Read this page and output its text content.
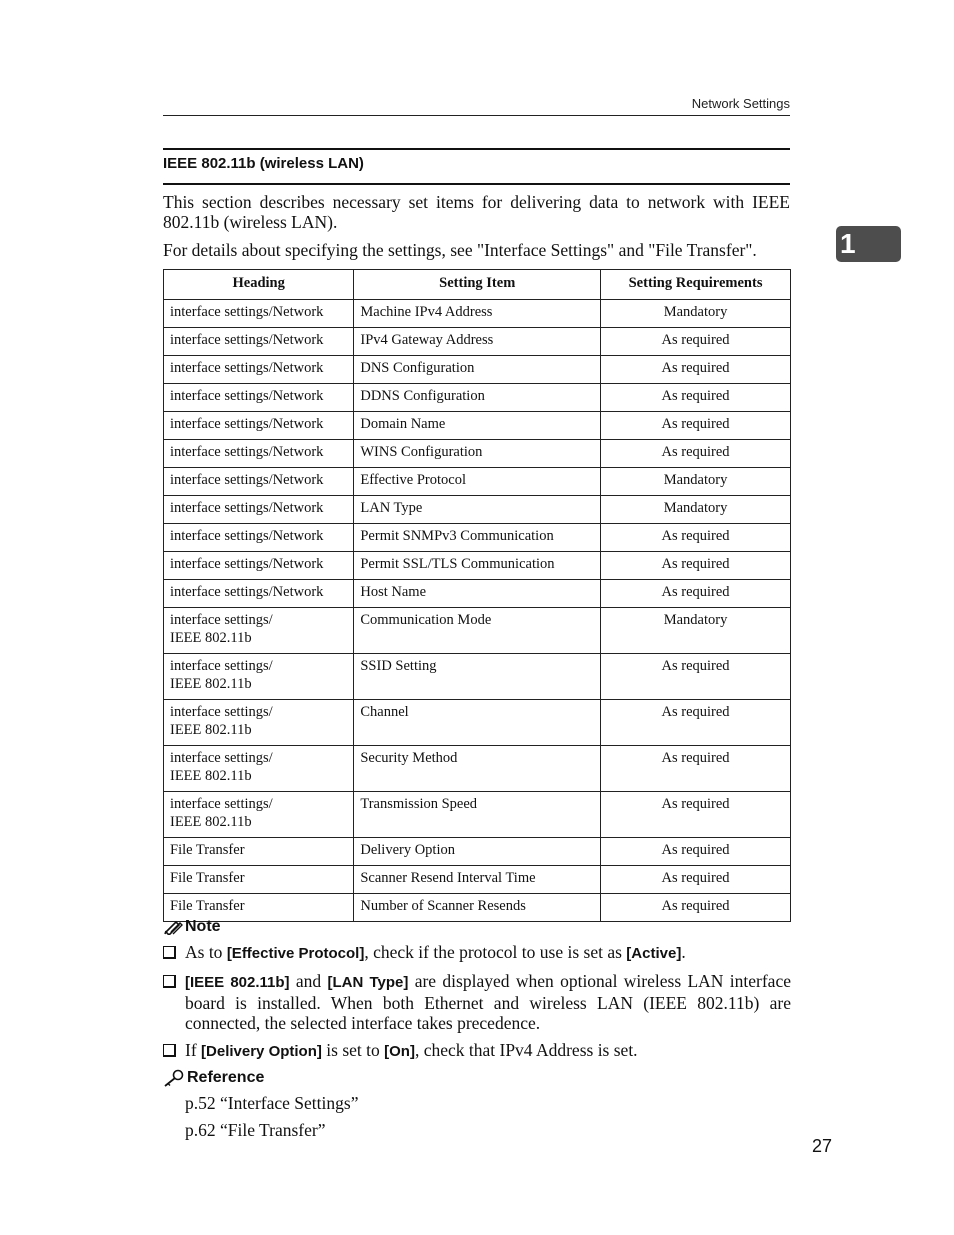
Network Settings
1
IEEE 802.11b (wireless LAN)

This section describes necessary set items for delivering data to network with IEEE 802.11b (wireless LAN).

For details about specifying the settings, see "Interface Settings" and "File Transfer".

Heading	Setting Item	Setting Requirements
interface settings/Network	Machine IPv4 Address	Mandatory
interface settings/Network	IPv4 Gateway Address	As required
interface settings/Network	DNS Configuration	As required
interface settings/Network	DDNS Configuration	As required
interface settings/Network	Domain Name	As required
interface settings/Network	WINS Configuration	As required
interface settings/Network	Effective Protocol	Mandatory
interface settings/Network	LAN Type	Mandatory
interface settings/Network	Permit SNMPv3 Communication	As required
interface settings/Network	Permit SSL/TLS Communication	As required
interface settings/Network	Host Name	As required
interface settings/
IEEE 802.11b	Communication Mode	Mandatory
interface settings/
IEEE 802.11b	SSID Setting	As required
interface settings/
IEEE 802.11b	Channel	As required
interface settings/
IEEE 802.11b	Security Method	As required
interface settings/
IEEE 802.11b	Transmission Speed	As required
File Transfer	Delivery Option	As required
File Transfer	Scanner Resend Interval Time	As required
File Transfer	Number of Scanner Resends	As required
Note
As to [Effective Protocol], check if the protocol to use is set as [Active].
[IEEE 802.11b] and [LAN Type] are displayed when optional wireless LAN interface board is installed. When both Ethernet and wireless LAN (IEEE 802.11b) are connected, the selected interface takes precedence.
If [Delivery Option] is set to [On], check that IPv4 Address is set.
Reference
p.52 “Interface Settings”
p.62 “File Transfer”
27
